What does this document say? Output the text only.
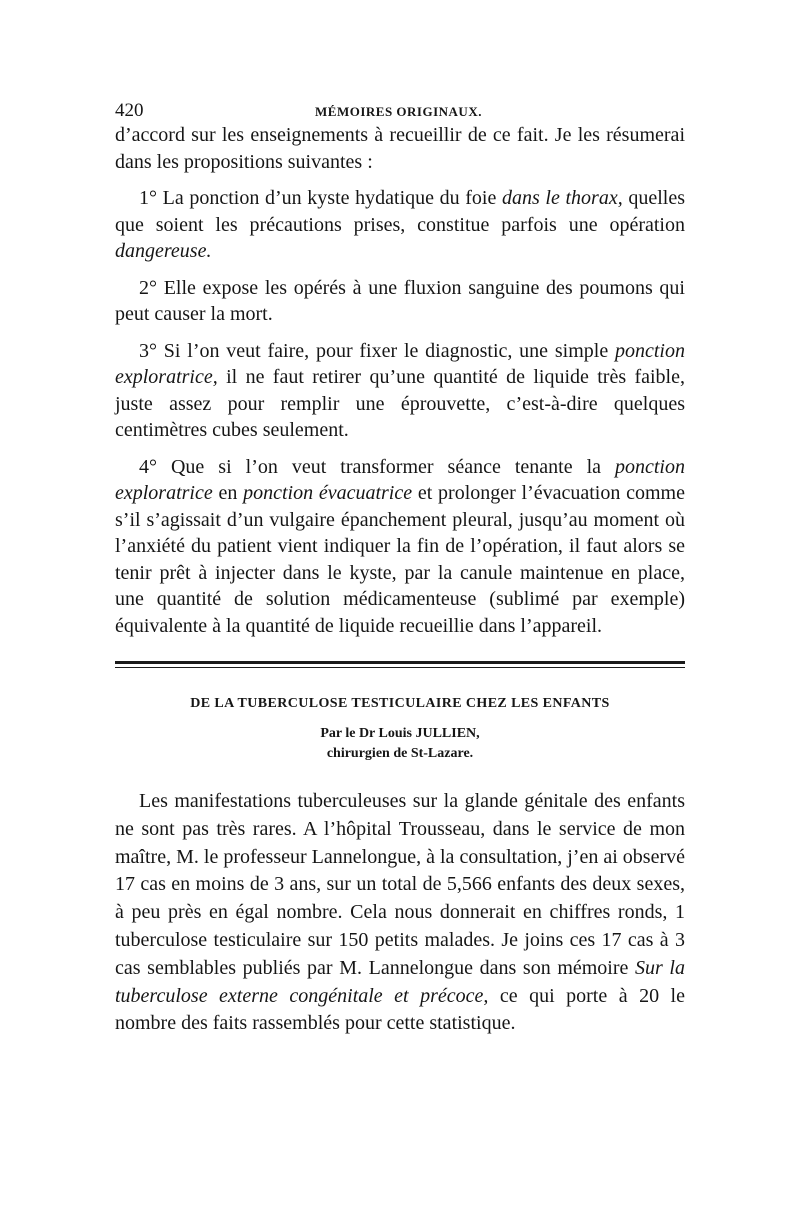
420	MÉMOIRES ORIGINAUX.

d’accord sur les enseignements à recueillir de ce fait. Je les résumerai dans les propositions suivantes :

1° La ponction d’un kyste hydatique du foie dans le thorax, quelles que soient les précautions prises, constitue parfois une opération dangereuse.

2° Elle expose les opérés à une fluxion sanguine des poumons qui peut causer la mort.

3° Si l’on veut faire, pour fixer le diagnostic, une simple ponction exploratrice, il ne faut retirer qu’une quantité de liquide très faible, juste assez pour remplir une éprouvette, c’est-à-dire quelques centimètres cubes seulement.

4° Que si l’on veut transformer séance tenante la ponction exploratrice en ponction évacuatrice et prolonger l’évacuation comme s’il s’agissait d’un vulgaire épanchement pleural, jusqu’au moment où l’anxiété du patient vient indiquer la fin de l’opération, il faut alors se tenir prêt à injecter dans le kyste, par la canule maintenue en place, une quantité de solution médicamenteuse (sublimé par exemple) équivalente à la quantité de liquide recueillie dans l’appareil.

DE LA TUBERCULOSE TESTICULAIRE CHEZ LES ENFANTS
Par le Dr Louis JULLIEN,
chirurgien de St-Lazare.

Les manifestations tuberculeuses sur la glande génitale des enfants ne sont pas très rares. A l’hôpital Trousseau, dans le service de mon maître, M. le professeur Lannelongue, à la consultation, j’en ai observé 17 cas en moins de 3 ans, sur un total de 5,566 enfants des deux sexes, à peu près en égal nombre. Cela nous donnerait en chiffres ronds, 1 tuberculose testiculaire sur 150 petits malades. Je joins ces 17 cas à 3 cas semblables publiés par M. Lannelongue dans son mémoire Sur la tuberculose externe congénitale et précoce, ce qui porte à 20 le nombre des faits rassemblés pour cette statistique.
